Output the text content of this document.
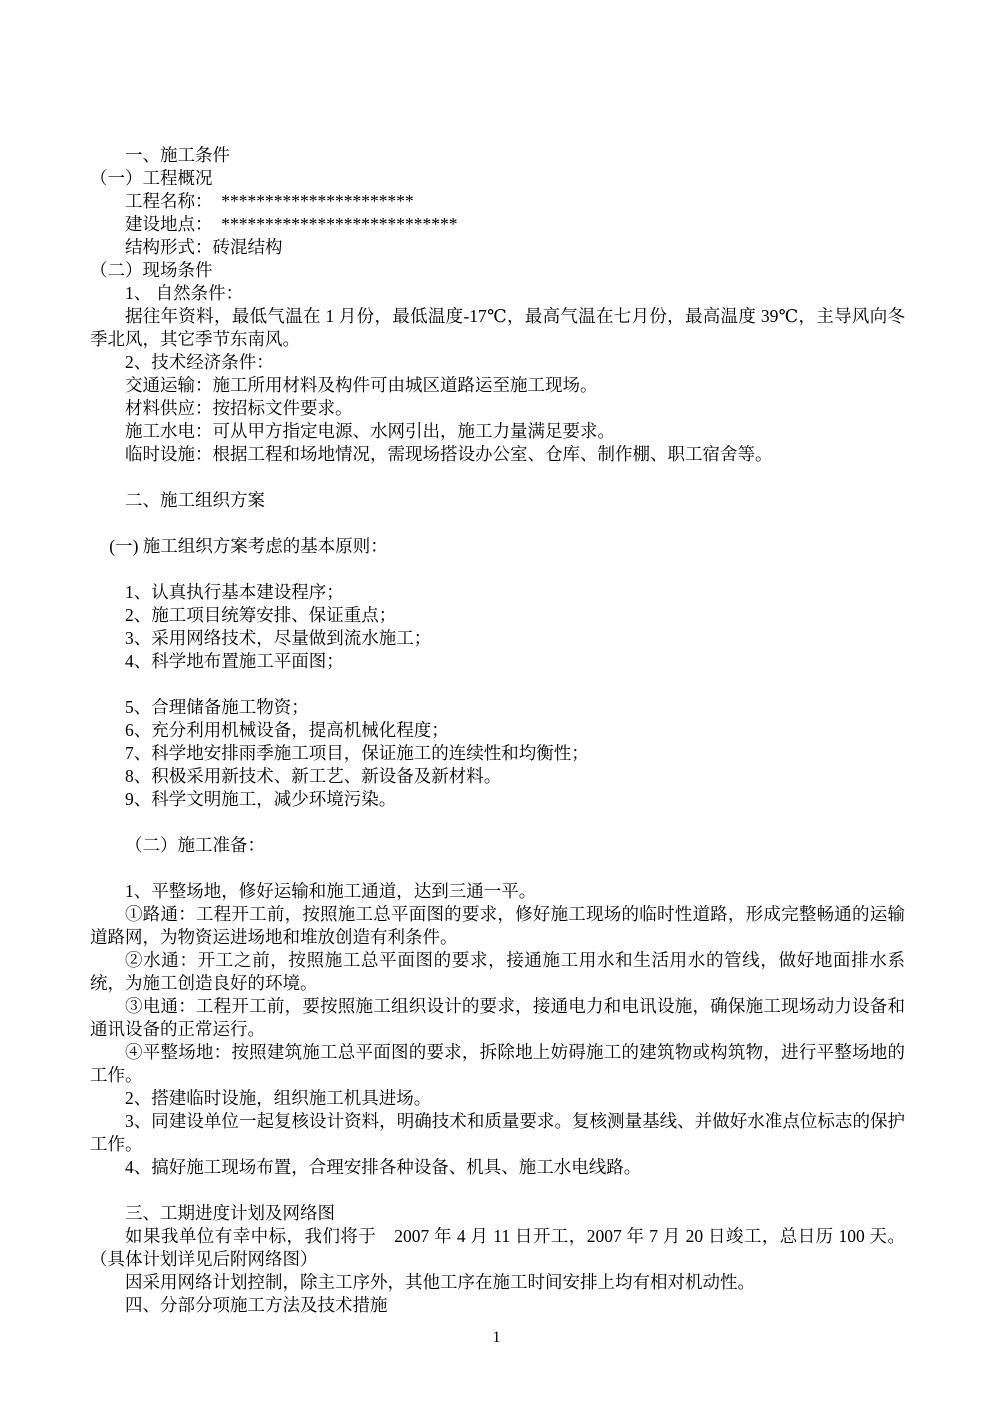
一、施工条件

（一）工程概况

工程名称：　**********************

建设地点：　***************************

结构形式：砖混结构

（二）现场条件

1、 自然条件：

据往年资料，最低气温在 1 月份，最低温度-17℃，最高气温在七月份，最高温度 39℃，主导风向冬季北风，其它季节东南风。

2、技术经济条件：

交通运输：施工所用材料及构件可由城区道路运至施工现场。

材料供应：按招标文件要求。

施工水电：可从甲方指定电源、水网引出，施工力量满足要求。

临时设施：根据工程和场地情况，需现场搭设办公室、仓库、制作棚、职工宿舍等。

二、施工组织方案

(一) 施工组织方案考虑的基本原则：

1、认真执行基本建设程序；

2、施工项目统筹安排、保证重点；

3、采用网络技术，尽量做到流水施工；

4、科学地布置施工平面图；

5、合理储备施工物资；

6、充分利用机械设备，提高机械化程度；

7、科学地安排雨季施工项目，保证施工的连续性和均衡性；

8、积极采用新技术、新工艺、新设备及新材料。

9、科学文明施工，减少环境污染。

（二）施工准备：

1、平整场地，修好运输和施工通道，达到三通一平。

①路通：工程开工前，按照施工总平面图的要求，修好施工现场的临时性道路，形成完整畅通的运输道路网，为物资运进场地和堆放创造有利条件。

②水通：开工之前，按照施工总平面图的要求，接通施工用水和生活用水的管线，做好地面排水系统，为施工创造良好的环境。

③电通：工程开工前，要按照施工组织设计的要求，接通电力和电讯设施，确保施工现场动力设备和通讯设备的正常运行。

④平整场地：按照建筑施工总平面图的要求，拆除地上妨碍施工的建筑物或构筑物，进行平整场地的工作。

2、搭建临时设施，组织施工机具进场。

3、同建设单位一起复核设计资料，明确技术和质量要求。复核测量基线、并做好水准点位标志的保护工作。

4、搞好施工现场布置，合理安排各种设备、机具、施工水电线路。

三、工期进度计划及网络图

如果我单位有幸中标，我们将于　2007 年 4 月 11 日开工，2007 年 7 月 20 日竣工，总日历 100 天。（具体计划详见后附网络图）

因采用网络计划控制，除主工序外，其他工序在施工时间安排上均有相对机动性。

四、分部分项施工方法及技术措施

1
